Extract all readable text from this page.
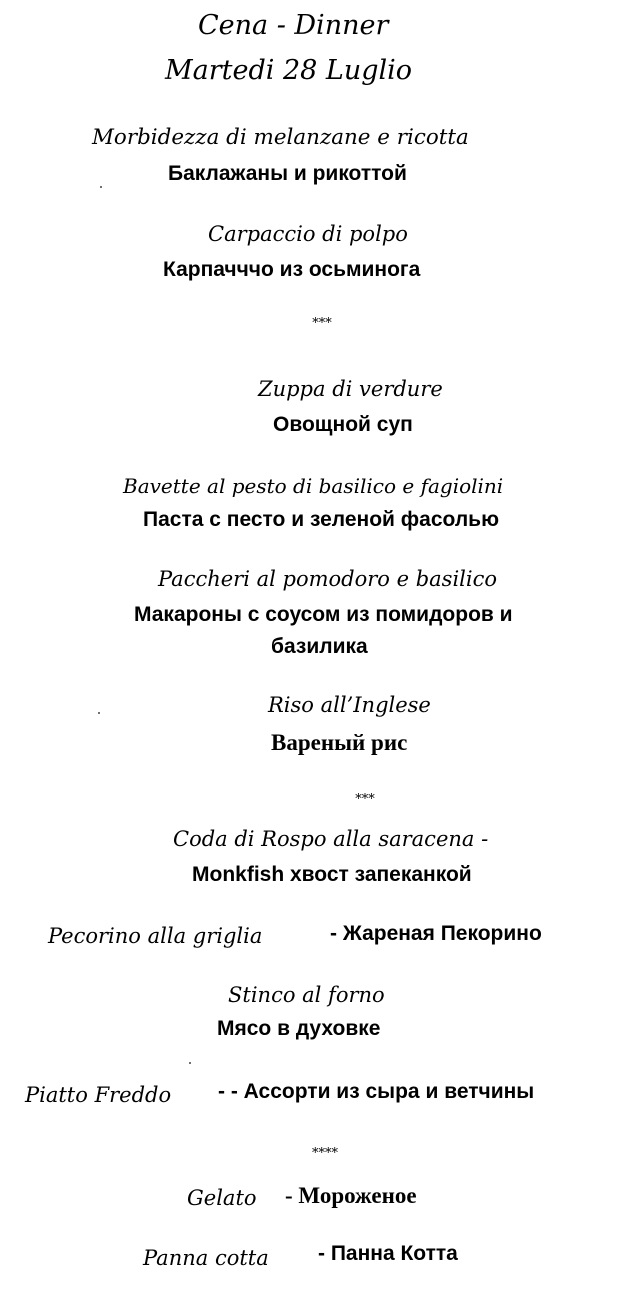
Cena - Dinner
Martedi 28 Luglio
Morbidezza di melanzane e ricotta
Баклажаны и рикоттой
Carpaccio di polpo
Карпачччо из осьминога
***
Zuppa di verdure
Овощной суп
Bavette al pesto di basilico e fagiolini
Паста с песто и зеленой фасолью
Paccheri al pomodoro e basilico
Макароны с соусом из помидоров и
базилика
Riso all’Inglese
Вареный рис
***
Coda di Rospo alla saracena -
Monkfish хвост запеканкой
Pecorino alla griglia	- Жареная Пекорино
Stinco al forno
Мясо в духовке
Piatto Freddo - - Ассорти из сыра и ветчины
****
Gelato - Мороженое
Panna cotta - Панна Котта
